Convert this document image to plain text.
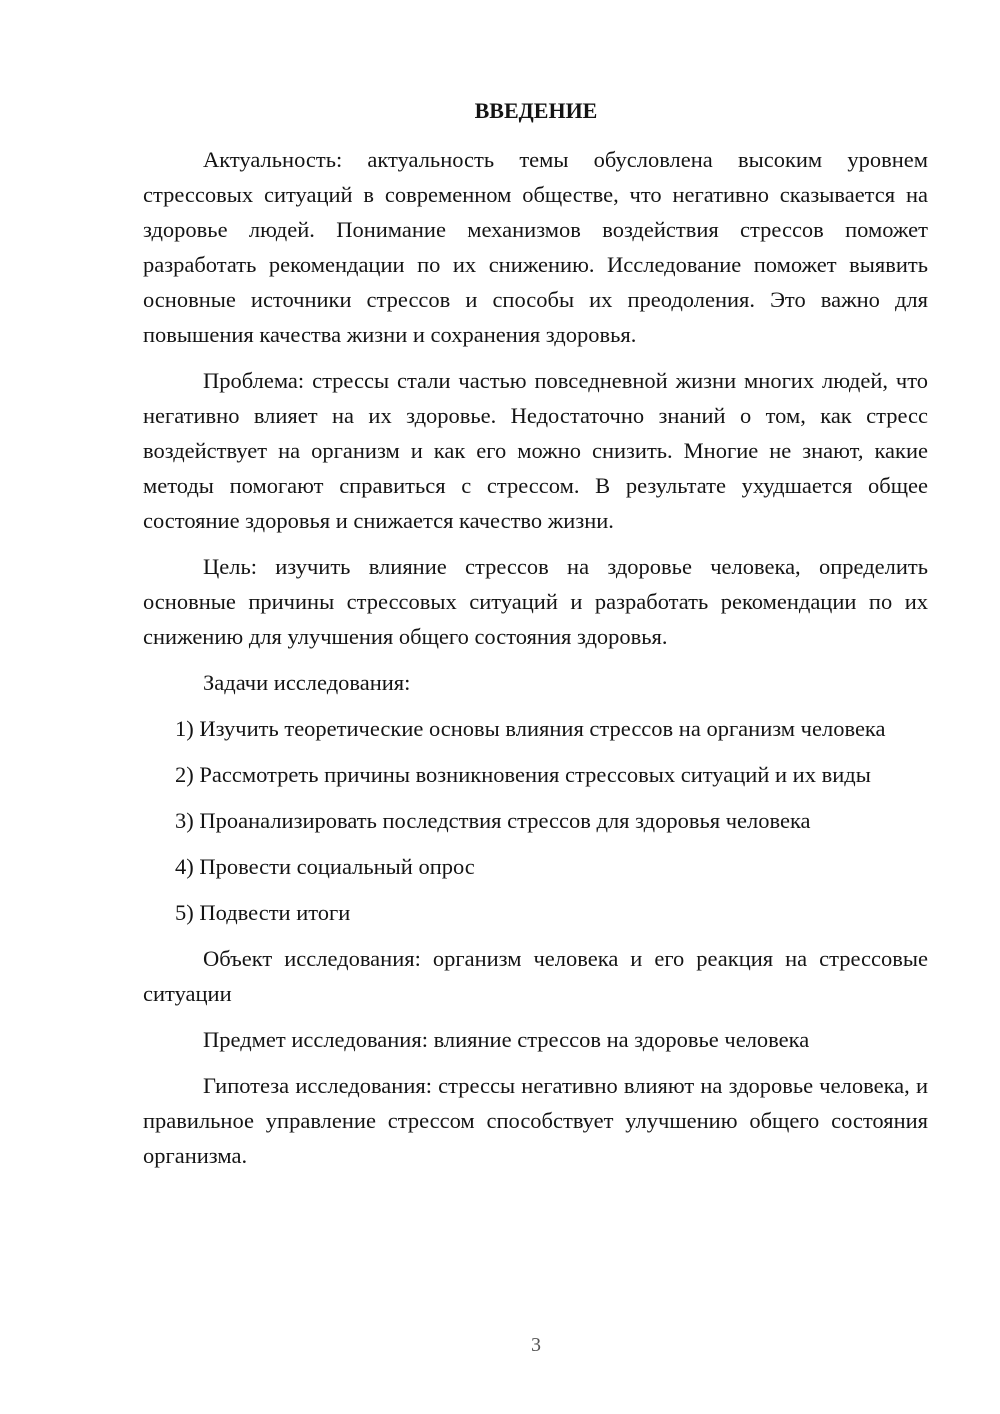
ВВЕДЕНИЕ

Актуальность: актуальность темы обусловлена высоким уровнем стрессовых ситуаций в современном обществе, что негативно сказывается на здоровье людей. Понимание механизмов воздействия стрессов поможет разработать рекомендации по их снижению. Исследование поможет выявить основные источники стрессов и способы их преодоления. Это важно для повышения качества жизни и сохранения здоровья.

Проблема: стрессы стали частью повседневной жизни многих людей, что негативно влияет на их здоровье. Недостаточно знаний о том, как стресс воздействует на организм и как его можно снизить. Многие не знают, какие методы помогают справиться с стрессом. В результате ухудшается общее состояние здоровья и снижается качество жизни.

Цель: изучить влияние стрессов на здоровье человека, определить основные причины стрессовых ситуаций и разработать рекомендации по их снижению для улучшения общего состояния здоровья.

Задачи исследования:

1) Изучить теоретические основы влияния стрессов на организм человека

2) Рассмотреть причины возникновения стрессовых ситуаций и их виды

3) Проанализировать последствия стрессов для здоровья человека

4) Провести социальный опрос

5) Подвести итоги

Объект исследования: организм человека и его реакция на стрессовые ситуации

Предмет исследования: влияние стрессов на здоровье человека

Гипотеза исследования: стрессы негативно влияют на здоровье человека, и правильное управление стрессом способствует улучшению общего состояния организма.

3
